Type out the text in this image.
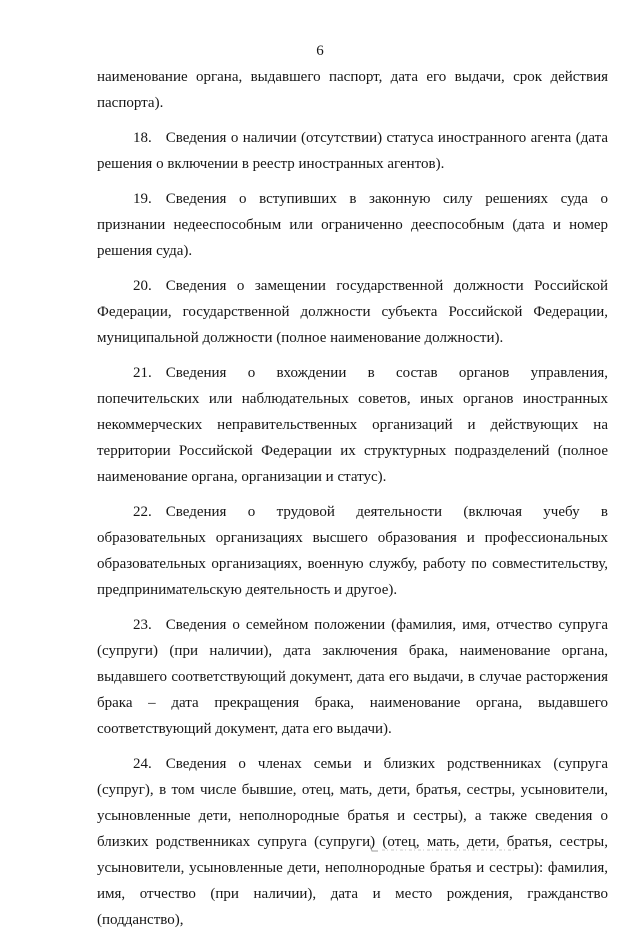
6

наименование органа, выдавшего паспорт, дата его выдачи, срок действия паспорта).

18. Сведения о наличии (отсутствии) статуса иностранного агента (дата решения о включении в реестр иностранных агентов).

19. Сведения о вступивших в законную силу решениях суда о признании недееспособным или ограниченно дееспособным (дата и номер решения суда).

20. Сведения о замещении государственной должности Российской Федерации, государственной должности субъекта Российской Федерации, муниципальной должности (полное наименование должности).

21. Сведения о вхождении в состав органов управления, попечительских или наблюдательных советов, иных органов иностранных некоммерческих неправительственных организаций и действующих на территории Российской Федерации их структурных подразделений (полное наименование органа, организации и статус).

22. Сведения о трудовой деятельности (включая учебу в образовательных организациях высшего образования и профессиональных образовательных организациях, военную службу, работу по совместительству, предпринимательскую деятельность и другое).

23. Сведения о семейном положении (фамилия, имя, отчество супруга (супруги) (при наличии), дата заключения брака, наименование органа, выдавшего соответствующий документ, дата его выдачи, в случае расторжения брака – дата прекращения брака, наименование органа, выдавшего соответствующий документ, дата его выдачи).

24. Сведения о членах семьи и близких родственниках (супруга (супруг), в том числе бывшие, отец, мать, дети, братья, сестры, усыновители, усыновленные дети, неполнородные братья и сестры), а также сведения о близких родственниках супруга (супруги) (отец, мать, дети, братья, сестры, усыновители, усыновленные дети, неполнородные братья и сестры): фамилия, имя, отчество (при наличии), дата и место рождения, гражданство (подданство),
